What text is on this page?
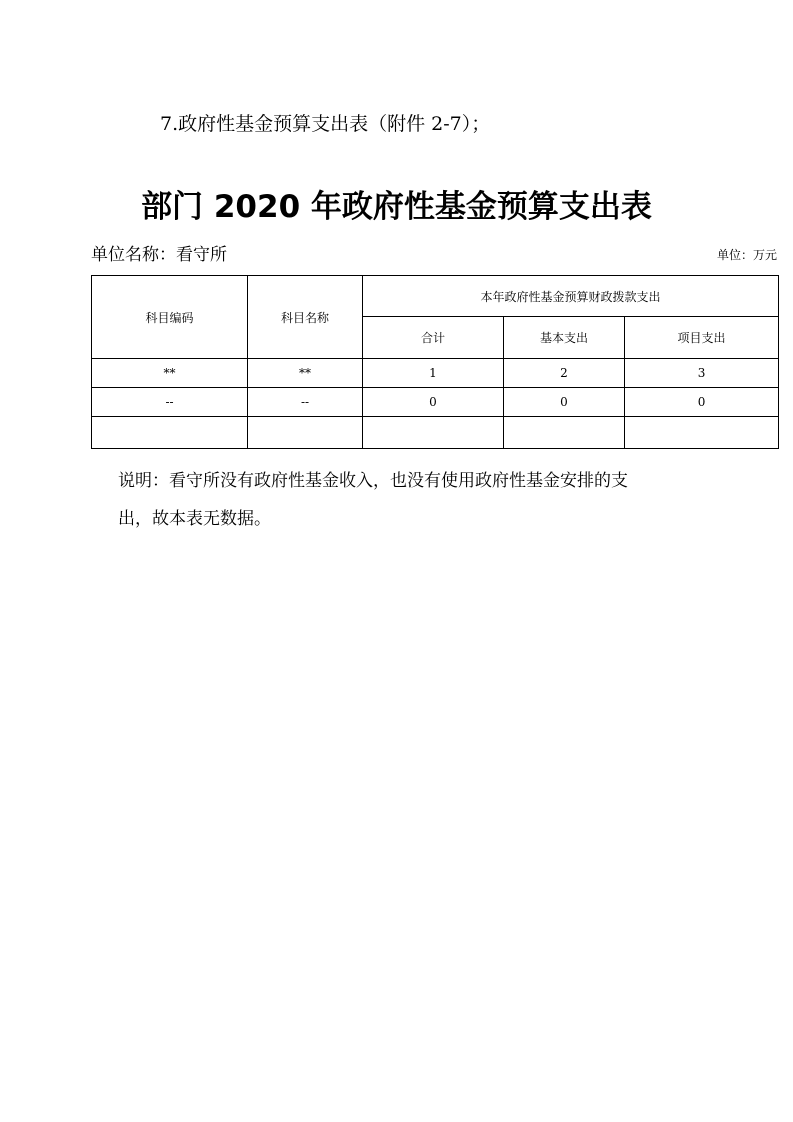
7.政府性基金预算支出表（附件 2-7）；
部门 2020 年政府性基金预算支出表
单位名称：看守所	单位：万元
科目编码	科目名称	本年政府性基金预算财政拨款支出		
		合计	基本支出	项目支出
**	**	1	2	3
--	--	0	0	0

说明：看守所没有政府性基金收入，也没有使用政府性基金安排的支
出，故本表无数据。
